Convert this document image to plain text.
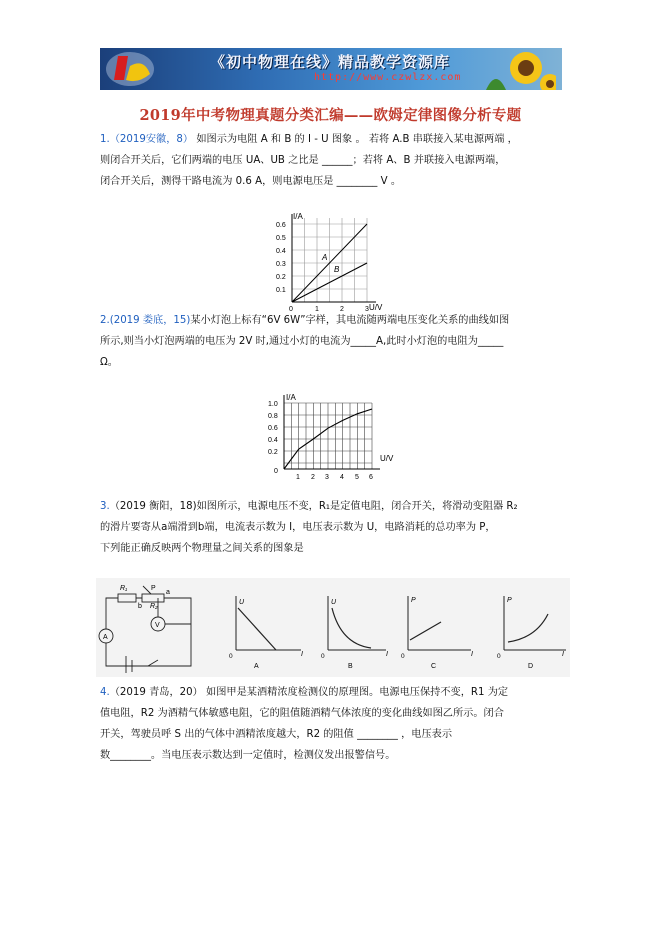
《初中物理在线》精品教学资源库
http://www.czwlzx.com
2019年中考物理真题分类汇编——欧姆定律图像分析专题
1.（2019安徽，8） 如图示为电阻 A 和 B 的 I - U 图象 。 若将 A.B 串联接入某电源两端 ，
则闭合开关后，它们两端的电压 UA、UB 之比是 ______；若将 A、B 并联接入电源两端，
闭合开关后，测得干路电流为 0.6 A，则电源电压是 ________ V 。
I/A
U/V
0.6
0.5
0.4
0.3
0.2
0.1
0	1	2	3
A
B
2.(2019 娄底，15)某小灯泡上标有“6V 6W”字样，其电流随两端电压变化关系的曲线如图
所示,则当小灯泡两端的电压为 2V 时,通过小灯的电流为_____A,此时小灯泡的电阻为_____
Ω。
I/A
U/V
1.0
0.8
0.6
0.4
0.2
0
1 2 3 4 5 6
3.（2019 衡阳，18)如图所示，电源电压不变，R₁是定值电阻，闭合开关，将滑动变阻器 R₂
的滑片要寄从a端滑到b端，电流表示数为 I，电压表示数为 U，电路消耗的总功率为 P，
下列能正确反映两个物理量之间关系的图象是
R₁	P
b
a
R₂
A
V
U
I
0
A
U
I
0
B
P
I
0
C
P
I
0
D
4.（2019 青岛，20） 如图甲是某酒精浓度检测仪的原理图。电源电压保持不变，R1 为定
值电阻，R2 为酒精气体敏感电阻，它的阻值随酒精气体浓度的变化曲线如图乙所示。闭合
开关，驾驶员呼 S 出的气体中酒精浓度越大，R2 的阻值 ________ ，电压表示
数________。当电压表示数达到一定值时，检测仪发出报警信号。
